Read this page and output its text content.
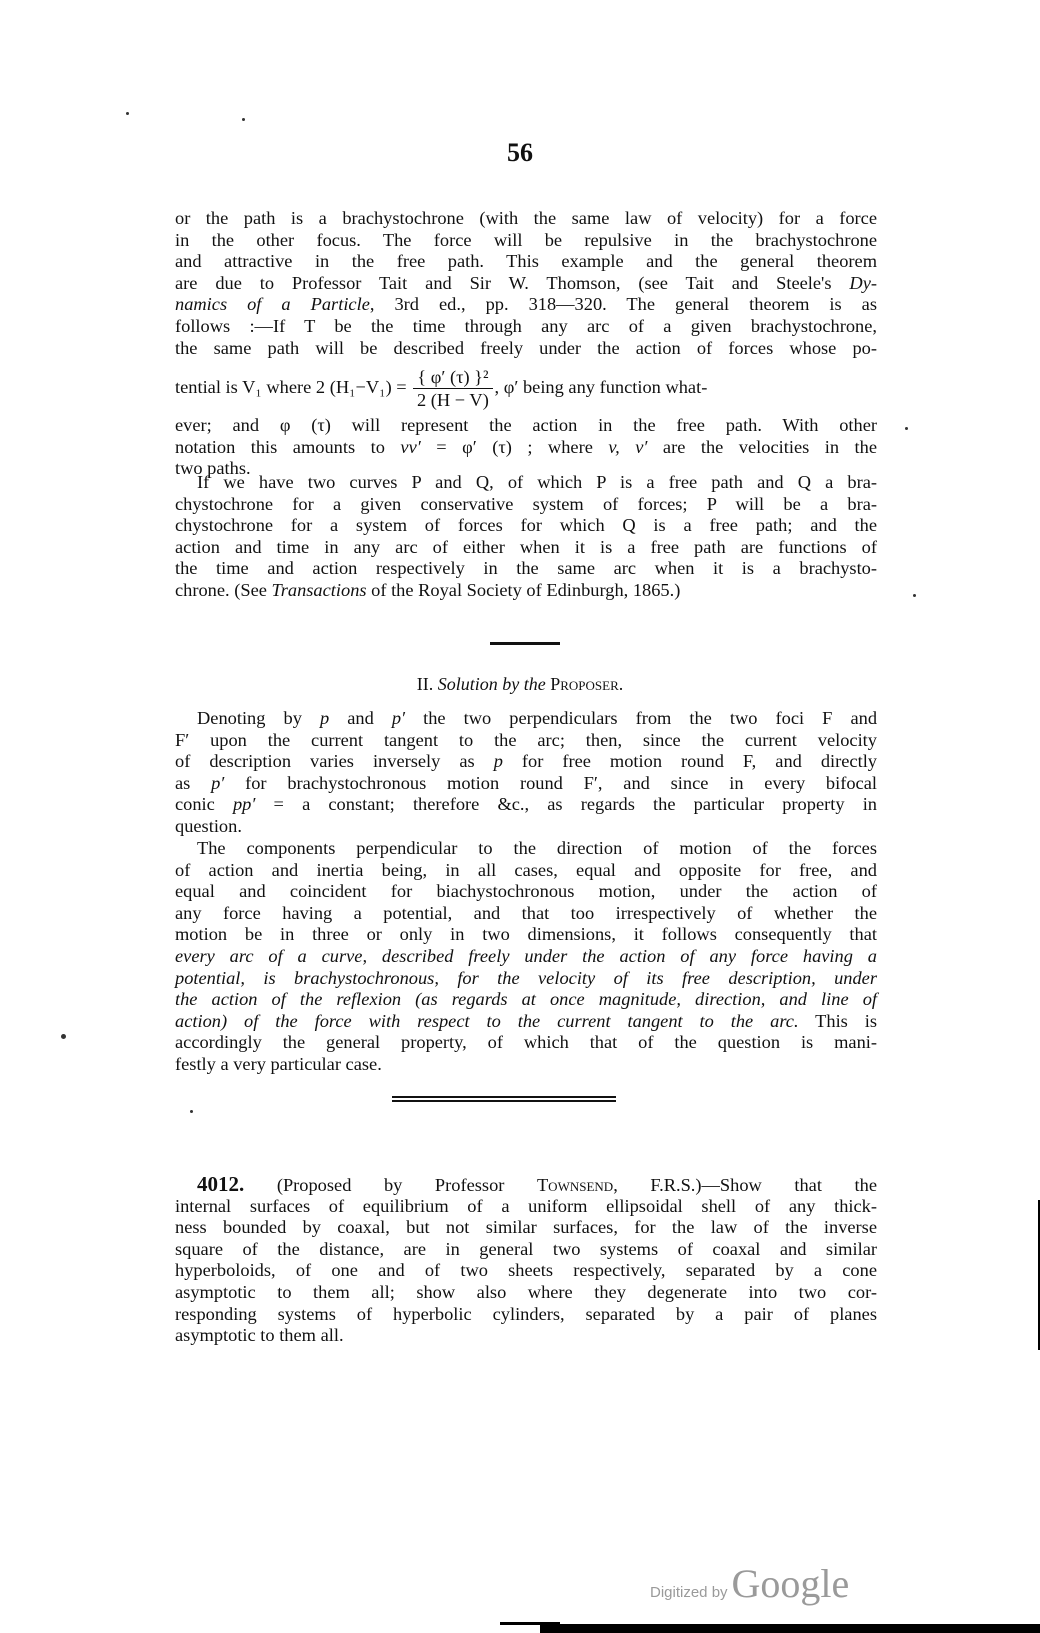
56
or the path is a brachystochrone (with the same law of velocity) for a force
in the other focus. The force will be repulsive in the brachystochrone
and attractive in the free path. This example and the general theorem
are due to Professor Tait and Sir W. Thomson, (see Tait and Steele's Dy-
namics of a Particle, 3rd ed., pp. 318—320. The general theorem is as
follows :—If T be the time through any arc of a given brachystochrone,
the same path will be described freely under the action of forces whose po-
tential is V₁ where 2 $(H_1-V_1) = \frac{\text{\{ φ′ (τ) \}²}}{2 (H - V)}$ , φ′ being any function what-
ever; and φ (τ) will represent the action in the free path. With other
notation this amounts to vv′ = φ′ (τ) ; where v, v′ are the velocities in the
two paths.
If we have two curves P and Q, of which P is a free path and Q a bra-
chystochrone for a given conservative system of forces; P will be a bra-
chystochrone for a system of forces for which Q is a free path; and the
action and time in any arc of either when it is a free path are functions of
the time and action respectively in the same arc when it is a brachysto-
chrone. (See Transactions of the Royal Society of Edinburgh, 1865.)
II. Solution by the Proposer.
Denoting by p and p′ the two perpendiculars from the two foci F and
F′ upon the current tangent to the arc; then, since the current velocity
of description varies inversely as p for free motion round F, and directly
as p′ for brachystochronous motion round F′, and since in every bifocal
conic pp′ = a constant; therefore &c., as regards the particular property in
question.
The components perpendicular to the direction of motion of the forces
of action and inertia being, in all cases, equal and opposite for free, and
equal and coincident for biachystochronous motion, under the action of
any force having a potential, and that too irrespectively of whether the
motion be in three or only in two dimensions, it follows consequently that
every arc of a curve, described freely under the action of any force having a
potential, is brachystochronous, for the velocity of its free description, under
the action of the reflexion (as regards at once magnitude, direction, and line of
action) of the force with respect to the current tangent to the arc. This is
accordingly the general property, of which that of the question is mani-
festly a very particular case.
4012. (Proposed by Professor Townsend, F.R.S.)—Show that the
internal surfaces of equilibrium of a uniform ellipsoidal shell of any thick-
ness bounded by coaxal, but not similar surfaces, for the law of the inverse
square of the distance, are in general two systems of coaxal and similar
hyperboloids, of one and of two sheets respectively, separated by a cone
asymptotic to them all; show also where they degenerate into two cor-
responding systems of hyperbolic cylinders, separated by a pair of planes
asymptotic to them all.
Digitized by Google
